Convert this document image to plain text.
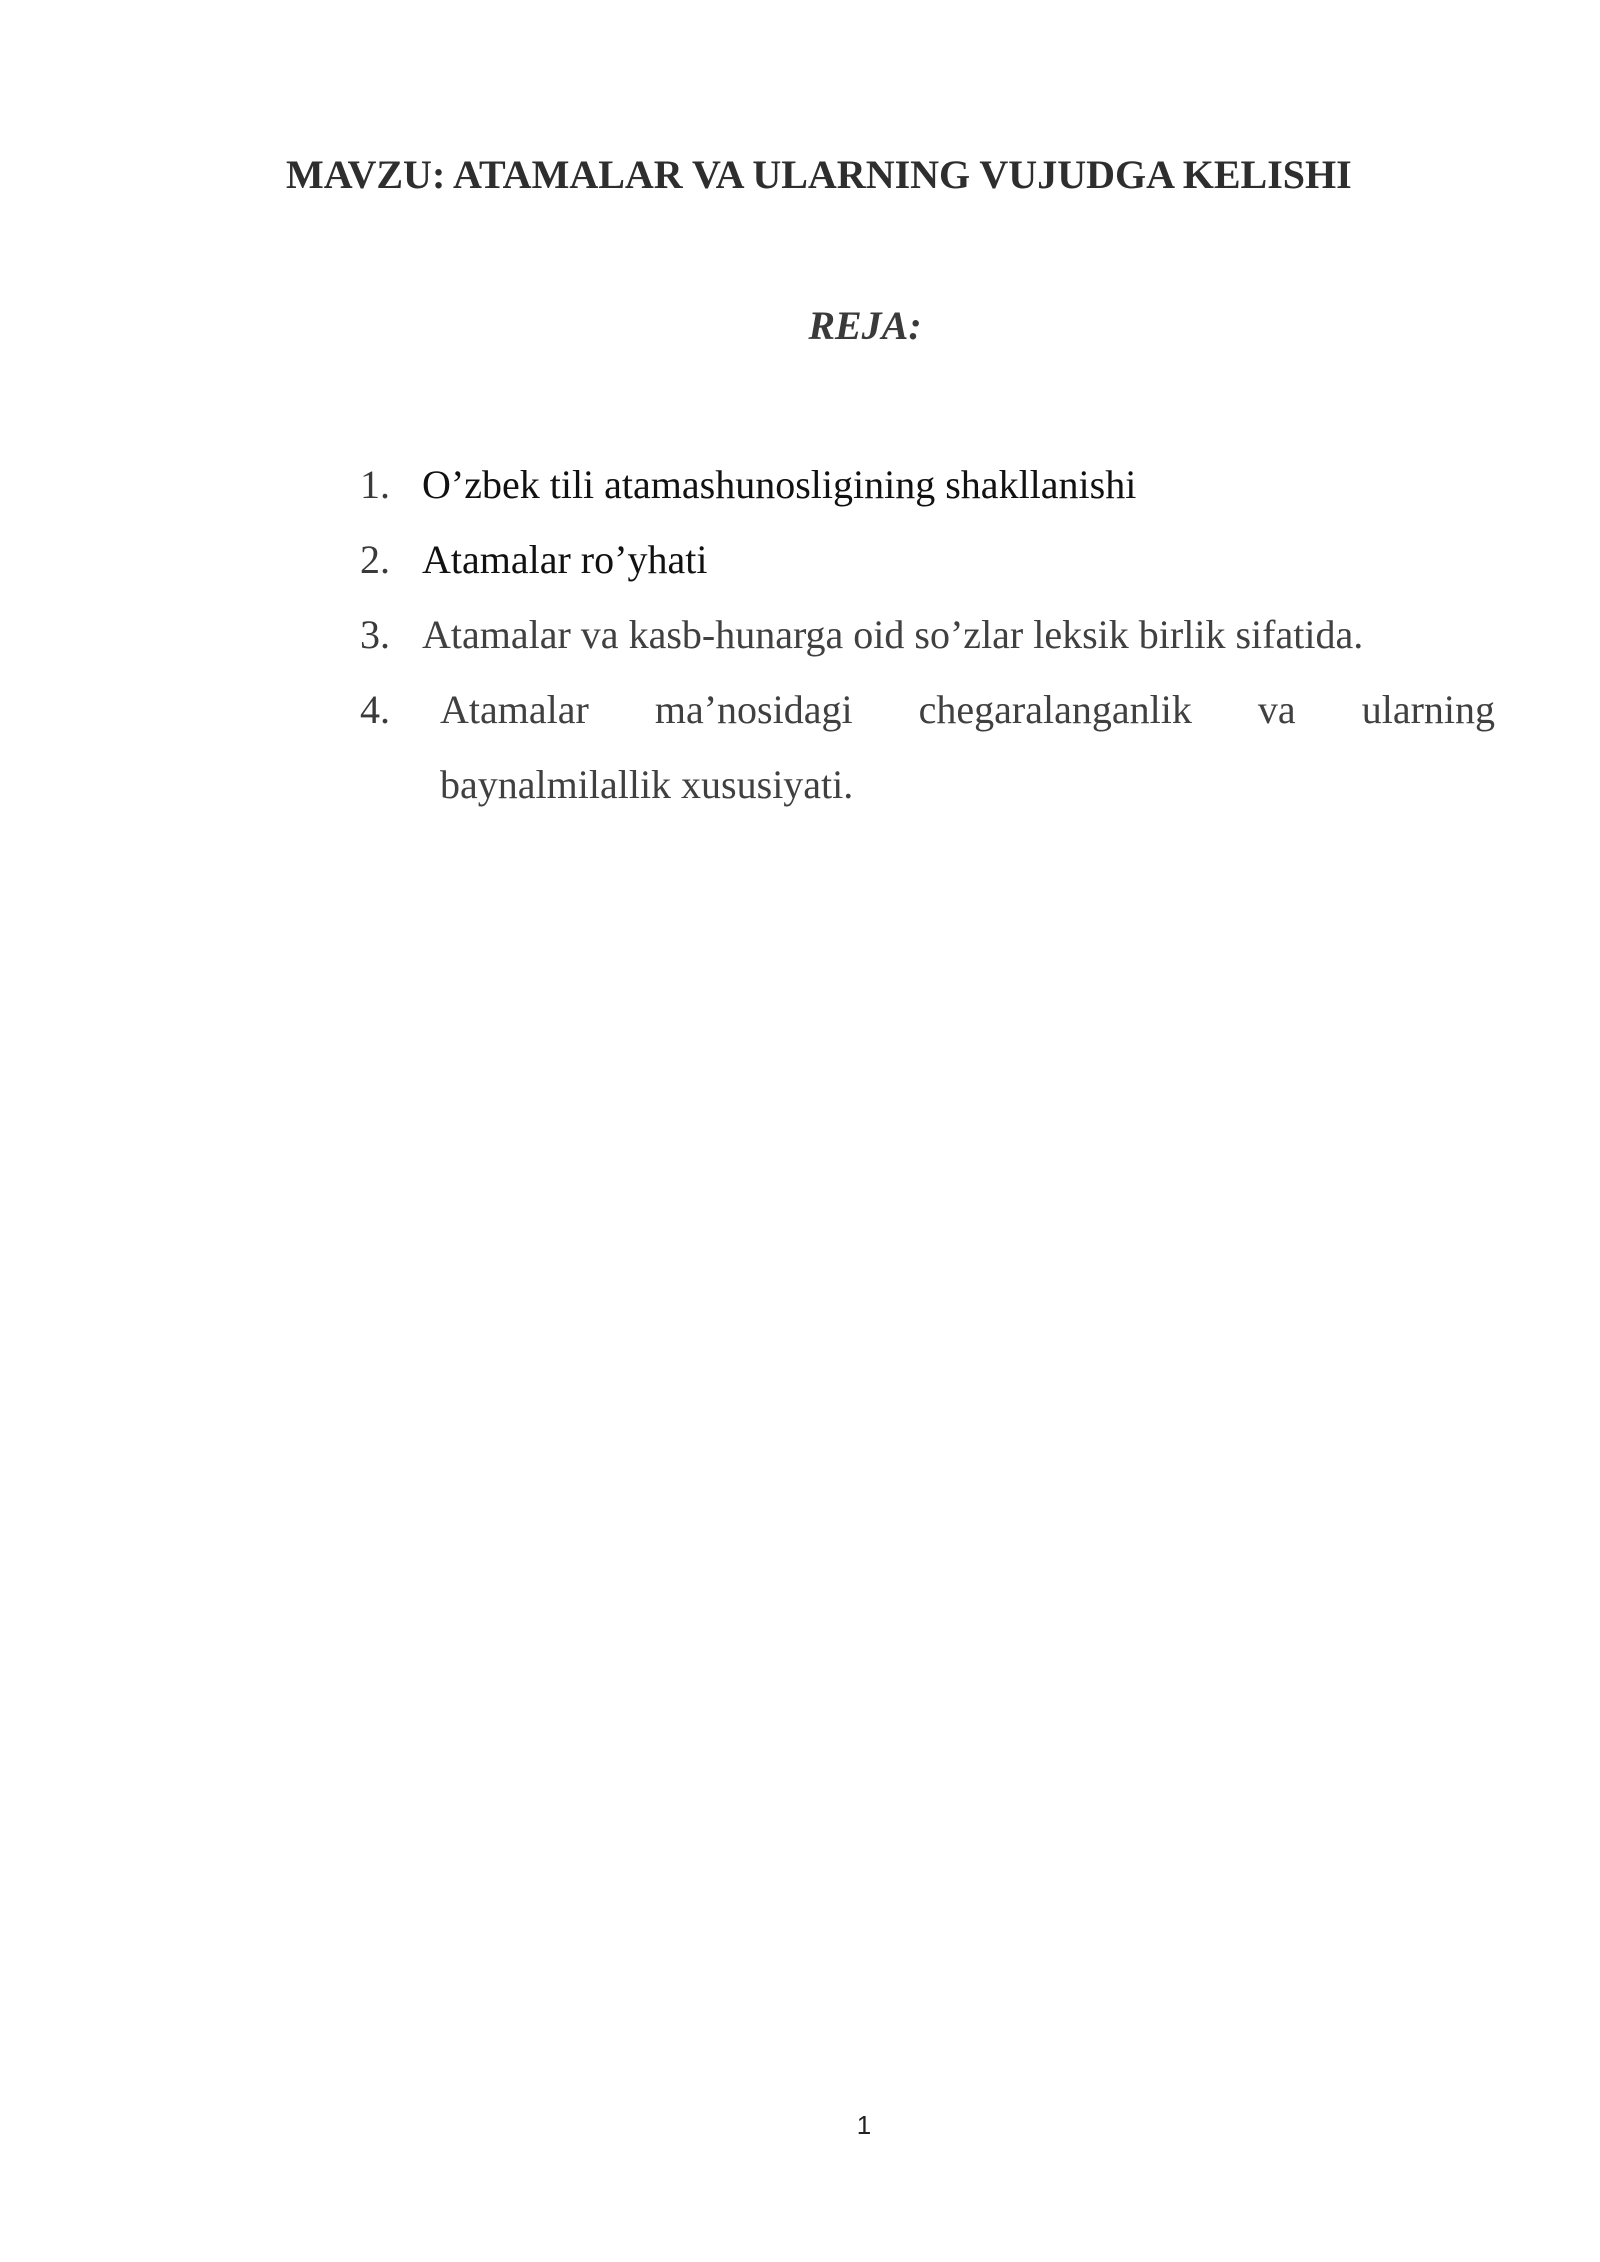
MAVZU: ATAMALAR VA ULARNING VUJUDGA KELISHI
REJA:
1. O’zbek tili atamashunosligining shakllanishi
2. Atamalar ro’yhati
3. Atamalar va kasb-hunarga oid so’zlar leksik birlik sifatida.
4.	Atamalar ma’nosidagi chegaralanganlik va ularning baynalmilallik xususiyati.
1
